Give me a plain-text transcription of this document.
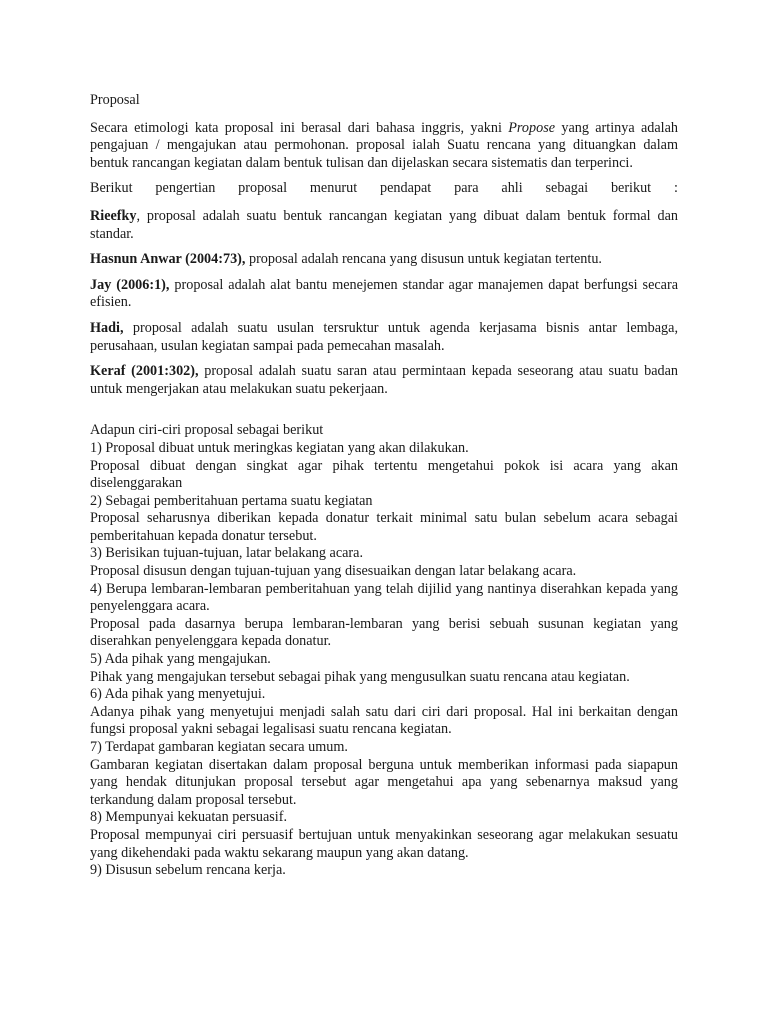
Proposal

Secara etimologi kata proposal ini berasal dari bahasa inggris, yakni Propose yang artinya adalah pengajuan / mengajukan atau permohonan. proposal ialah Suatu rencana yang dituangkan dalam bentuk rancangan kegiatan dalam bentuk tulisan dan dijelaskan secara sistematis dan terperinci.

Berikut pengertian proposal menurut pendapat para ahli sebagai berikut :

Rieefky, proposal adalah suatu bentuk rancangan kegiatan yang dibuat dalam bentuk formal dan standar.

Hasnun Anwar (2004:73), proposal adalah rencana yang disusun untuk kegiatan tertentu.

Jay (2006:1), proposal adalah alat bantu menejemen standar agar manajemen dapat berfungsi secara efisien.

Hadi, proposal adalah suatu usulan tersruktur untuk agenda kerjasama bisnis antar lembaga, perusahaan, usulan kegiatan sampai pada pemecahan masalah.

Keraf (2001:302), proposal adalah suatu saran atau permintaan kepada seseorang atau suatu badan untuk mengerjakan atau melakukan suatu pekerjaan.

Adapun ciri-ciri proposal sebagai berikut

1) Proposal dibuat untuk meringkas kegiatan yang akan dilakukan.

Proposal dibuat dengan singkat agar pihak tertentu mengetahui pokok isi acara yang akan diselenggarakan

2) Sebagai pemberitahuan pertama suatu kegiatan

Proposal seharusnya diberikan kepada donatur terkait minimal satu bulan sebelum acara sebagai pemberitahuan kepada donatur tersebut.

3) Berisikan tujuan-tujuan, latar belakang acara.

Proposal disusun dengan tujuan-tujuan yang disesuaikan dengan latar belakang acara.

4) Berupa lembaran-lembaran pemberitahuan yang telah dijilid yang nantinya diserahkan kepada yang penyelenggara acara.

Proposal pada dasarnya berupa lembaran-lembaran yang berisi sebuah susunan kegiatan yang diserahkan penyelenggara kepada donatur.

5) Ada pihak yang mengajukan.

Pihak yang mengajukan tersebut sebagai pihak yang mengusulkan suatu rencana atau kegiatan.

6) Ada pihak yang menyetujui.

Adanya pihak yang menyetujui menjadi salah satu dari ciri dari proposal. Hal ini berkaitan dengan fungsi proposal yakni sebagai legalisasi suatu rencana kegiatan.

7) Terdapat gambaran kegiatan secara umum.

Gambaran kegiatan disertakan dalam proposal berguna untuk memberikan informasi pada siapapun yang hendak ditunjukan proposal tersebut agar mengetahui apa yang sebenarnya maksud yang terkandung dalam proposal tersebut.

8) Mempunyai kekuatan persuasif.

Proposal mempunyai ciri persuasif bertujuan untuk menyakinkan seseorang agar melakukan sesuatu yang dikehendaki pada waktu sekarang maupun yang akan datang.

9) Disusun sebelum rencana kerja.
